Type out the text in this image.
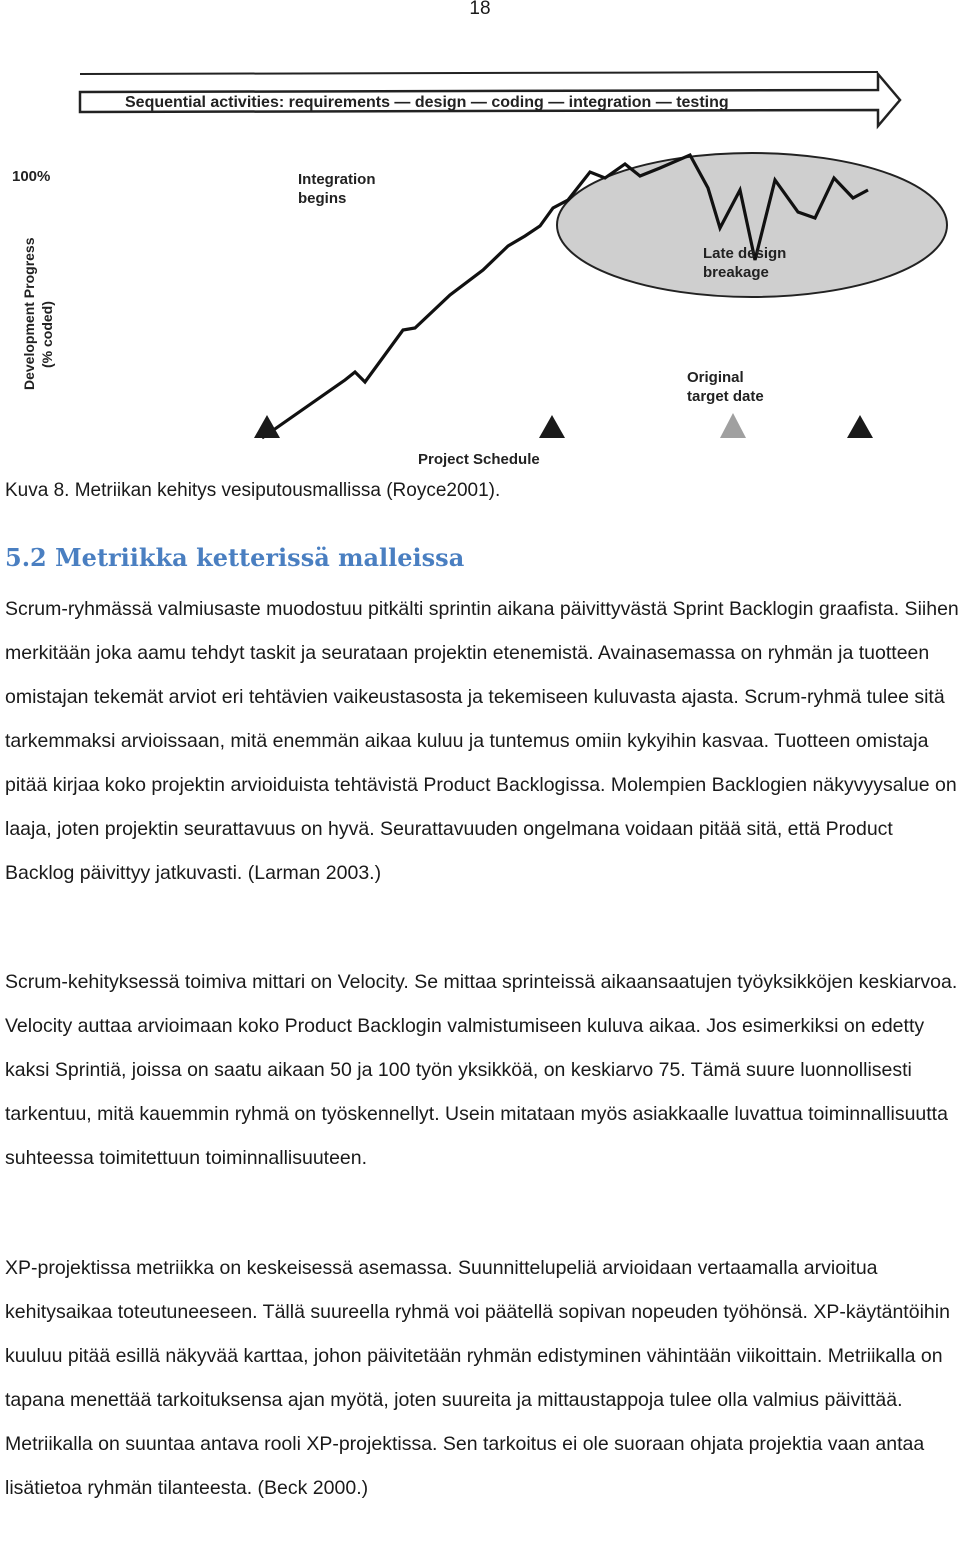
18
Sequential activities: requirements — design — coding — integration — testing
100%
Development Progress (% coded)
Integration
begins
Late design
breakage
Original
target date
Project Schedule
Kuva 8. Metriikan kehitys vesiputousmallissa (Royce2001).
5.2 Metriikka ketterissä malleissa

Scrum-ryhmässä valmiusaste muodostuu pitkälti sprintin aikana päivittyvästä Sprint Backlogin graafista. Siihen merkitään joka aamu tehdyt taskit ja seurataan projektin etenemistä. Avainasemassa on ryhmän ja tuotteen omistajan tekemät arviot eri tehtävien vaikeustasosta ja tekemiseen kuluvasta ajasta. Scrum-ryhmä tulee sitä tarkemmaksi arvioissaan, mitä enemmän aikaa kuluu ja tuntemus omiin kykyihin kasvaa. Tuotteen omistaja pitää kirjaa koko projektin arvioiduista tehtävistä Product Backlogissa. Molempien Backlogien näkyvyysalue on laaja, joten projektin seurattavuus on hyvä. Seurattavuuden ongelmana voidaan pitää sitä, että Product Backlog päivittyy jatkuvasti. (Larman 2003.)

Scrum-kehityksessä toimiva mittari on Velocity. Se mittaa sprinteissä aikaansaatujen työyksikköjen keskiarvoa. Velocity auttaa arvioimaan koko Product Backlogin valmistumiseen kuluva aikaa. Jos esimerkiksi on edetty kaksi Sprintiä, joissa on saatu aikaan 50 ja 100 työn yksikköä, on keskiarvo 75. Tämä suure luonnollisesti tarkentuu, mitä kauemmin ryhmä on työskennellyt. Usein mitataan myös asiakkaalle luvattua toiminnallisuutta suhteessa toimitettuun toiminnallisuuteen.

XP-projektissa metriikka on keskeisessä asemassa. Suunnittelupeliä arvioidaan vertaamalla arvioitua kehitysaikaa toteutuneeseen. Tällä suureella ryhmä voi päätellä sopivan nopeuden työhönsä. XP-käytäntöihin kuuluu pitää esillä näkyvää karttaa, johon päivitetään ryhmän edistyminen vähintään viikoittain. Metriikalla on tapana menettää tarkoituksensa ajan myötä, joten suureita ja mittaustappoja tulee olla valmius päivittää. Metriikalla on suuntaa antava rooli XP-projektissa. Sen tarkoitus ei ole suoraan ohjata projektia vaan antaa lisätietoa ryhmän tilanteesta. (Beck 2000.)
